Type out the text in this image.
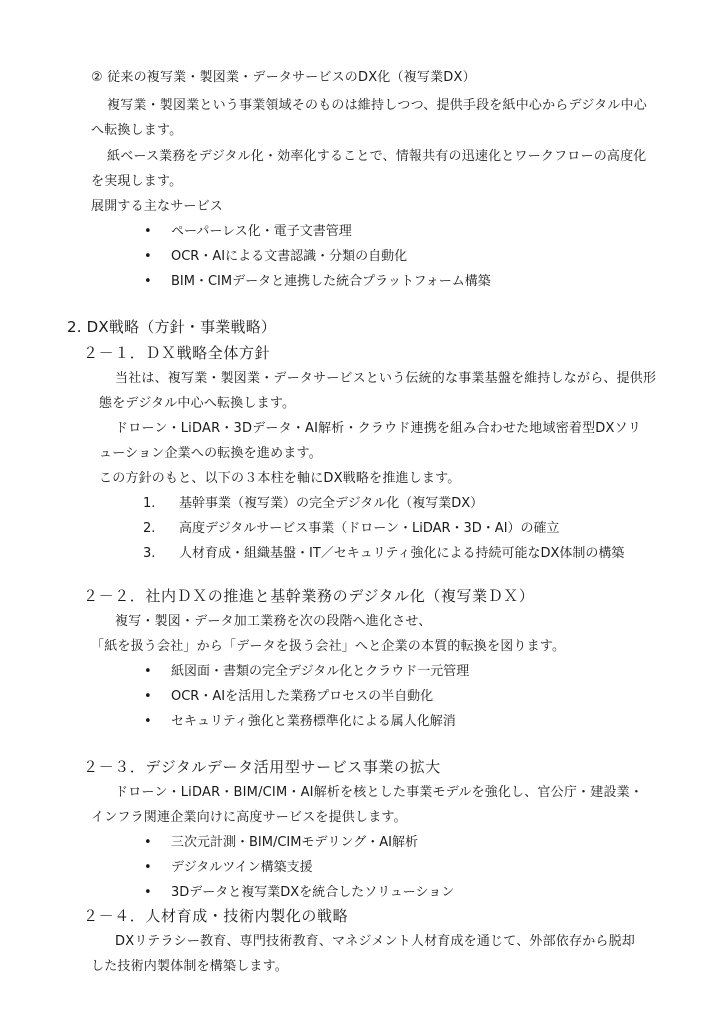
② 従来の複写業・製図業・データサービスのDX化（複写業DX）
複写業・製図業という事業領域そのものは維持しつつ、提供手段を紙中心からデジタル中心
へ転換します。
紙ベース業務をデジタル化・効率化することで、情報共有の迅速化とワークフローの高度化
を実現します。
展開する主なサービス
• ペーパーレス化・電子文書管理
• OCR・AIによる文書認識・分類の自動化
• BIM・CIMデータと連携した統合プラットフォーム構築
2. DX戦略（方針・事業戦略）
２－１．ＤＸ戦略全体方針
当社は、複写業・製図業・データサービスという伝統的な事業基盤を維持しながら、提供形
態をデジタル中心へ転換します。
ドローン・LiDAR・3Dデータ・AI解析・クラウド連携を組み合わせた地域密着型DXソリ
ューション企業への転換を進めます。
この方針のもと、以下の３本柱を軸にDX戦略を推進します。
1. 基幹事業（複写業）の完全デジタル化（複写業DX）
2. 高度デジタルサービス事業（ドローン・LiDAR・3D・AI）の確立
3. 人材育成・組織基盤・IT／セキュリティ強化による持続可能なDX体制の構築
２－２．社内ＤＸの推進と基幹業務のデジタル化（複写業ＤＸ）
複写・製図・データ加工業務を次の段階へ進化させ、
「紙を扱う会社」から「データを扱う会社」へと企業の本質的転換を図ります。
• 紙図面・書類の完全デジタル化とクラウド一元管理
• OCR・AIを活用した業務プロセスの半自動化
• セキュリティ強化と業務標準化による属人化解消
２－３．デジタルデータ活用型サービス事業の拡大
ドローン・LiDAR・BIM/CIM・AI解析を核とした事業モデルを強化し、官公庁・建設業・
インフラ関連企業向けに高度サービスを提供します。
• 三次元計測・BIM/CIMモデリング・AI解析
• デジタルツイン構築支援
• 3Dデータと複写業DXを統合したソリューション
２－４．人材育成・技術内製化の戦略
DXリテラシー教育、専門技術教育、マネジメント人材育成を通じて、外部依存から脱却
した技術内製体制を構築します。
